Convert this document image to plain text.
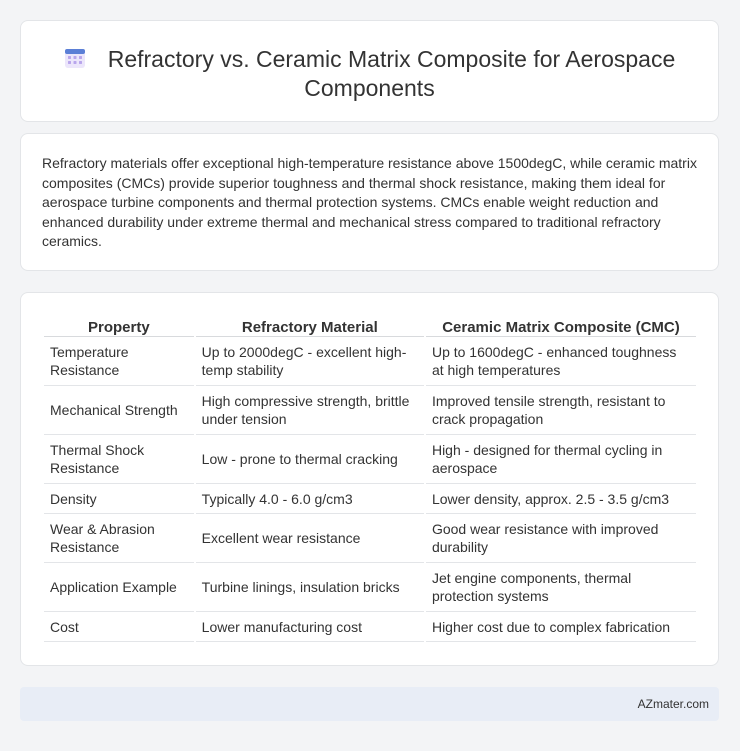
Refractory vs. Ceramic Matrix Composite for Aerospace Components

Refractory materials offer exceptional high-temperature resistance above 1500degC, while ceramic matrix composites (CMCs) provide superior toughness and thermal shock resistance, making them ideal for aerospace turbine components and thermal protection systems. CMCs enable weight reduction and enhanced durability under extreme thermal and mechanical stress compared to traditional refractory ceramics.

Property	Refractory Material	Ceramic Matrix Composite (CMC)
Temperature Resistance	Up to 2000degC - excellent high-temp stability	Up to 1600degC - enhanced toughness at high temperatures
Mechanical Strength	High compressive strength, brittle under tension	Improved tensile strength, resistant to crack propagation
Thermal Shock Resistance	Low - prone to thermal cracking	High - designed for thermal cycling in aerospace
Density	Typically 4.0 - 6.0 g/cm3	Lower density, approx. 2.5 - 3.5 g/cm3
Wear & Abrasion Resistance	Excellent wear resistance	Good wear resistance with improved durability
Application Example	Turbine linings, insulation bricks	Jet engine components, thermal protection systems
Cost	Lower manufacturing cost	Higher cost due to complex fabrication
AZmater.com
